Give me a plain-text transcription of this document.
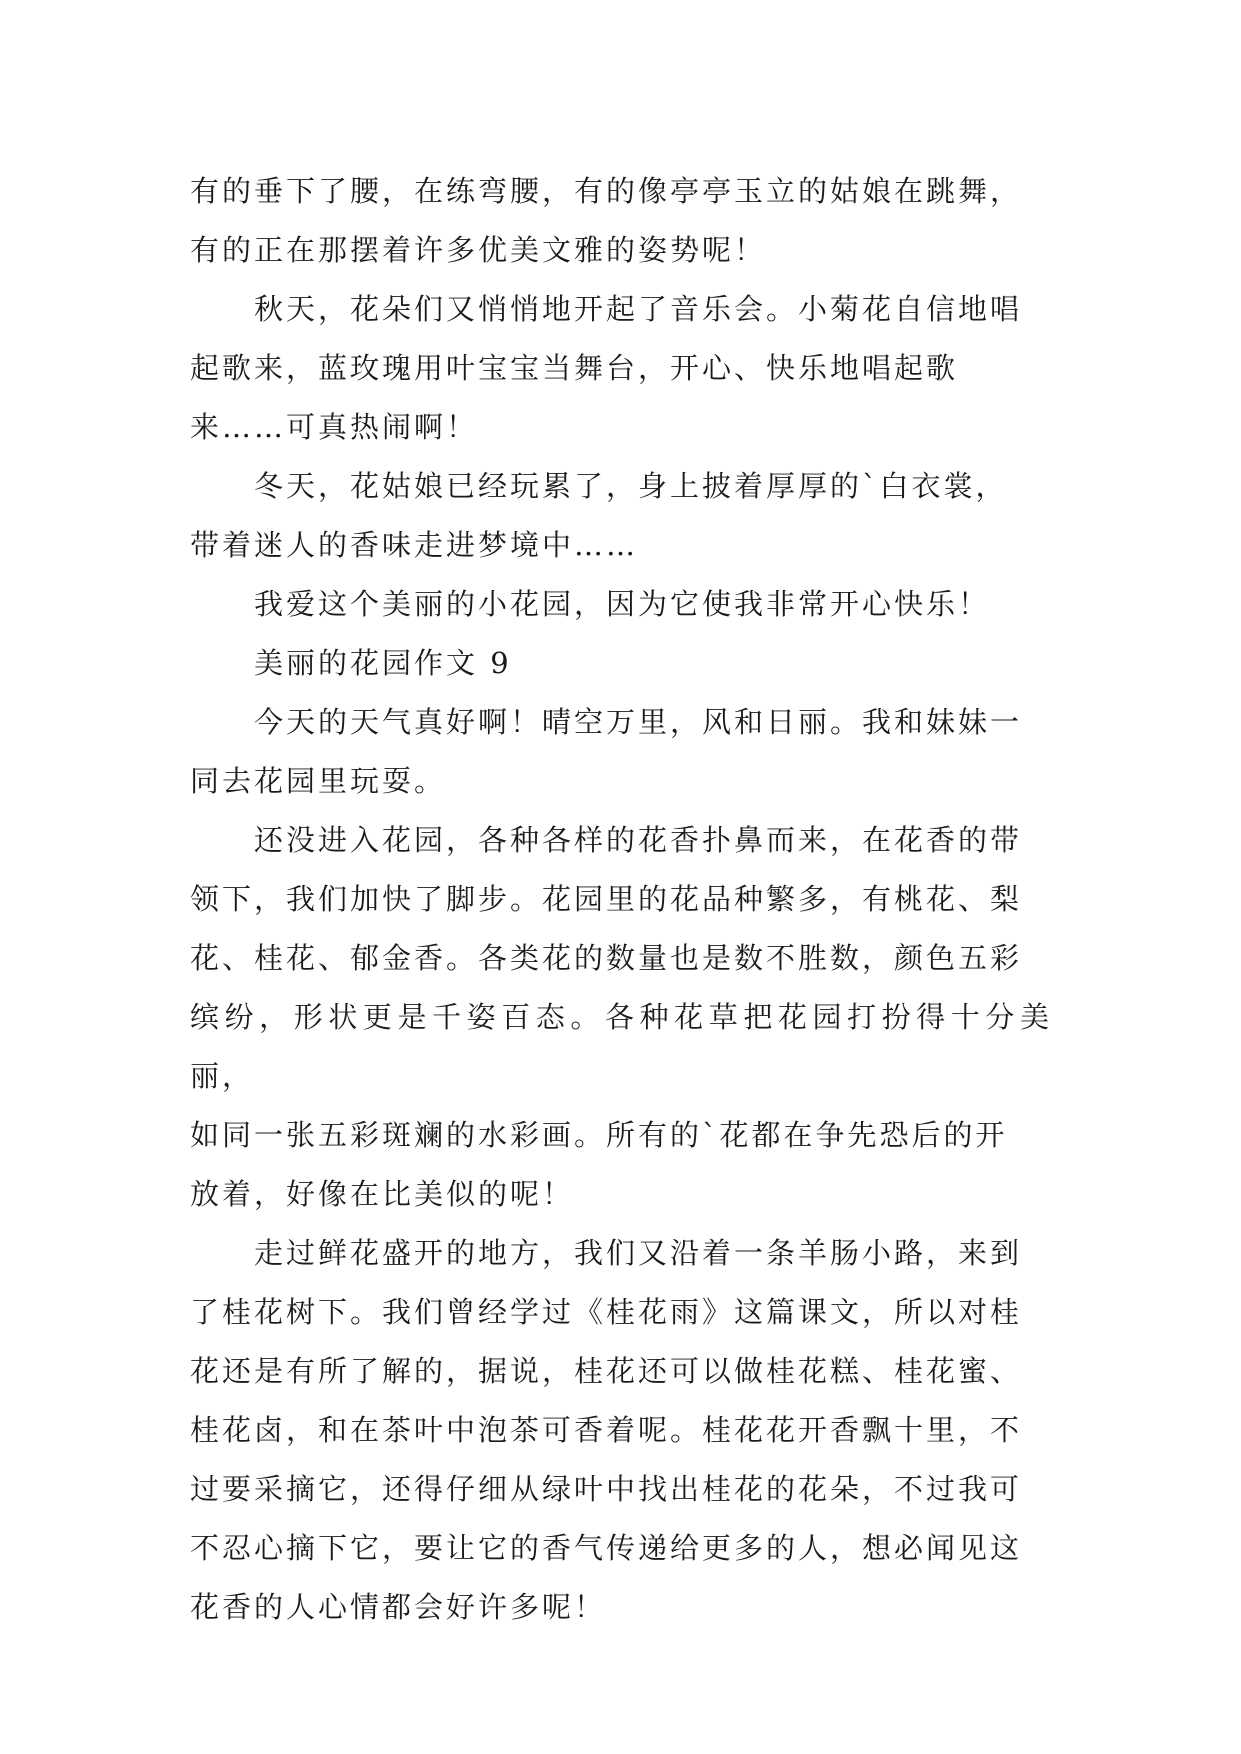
有的垂下了腰，在练弯腰，有的像亭亭玉立的姑娘在跳舞，
有的正在那摆着许多优美文雅的姿势呢！

秋天，花朵们又悄悄地开起了音乐会。小菊花自信地唱
起歌来，蓝玫瑰用叶宝宝当舞台，开心、快乐地唱起歌
来……可真热闹啊！

冬天，花姑娘已经玩累了，身上披着厚厚的`白衣裳，
带着迷人的香味走进梦境中……

我爱这个美丽的小花园，因为它使我非常开心快乐！

美丽的花园作文 9

今天的天气真好啊！晴空万里，风和日丽。我和妹妹一
同去花园里玩耍。

还没进入花园，各种各样的花香扑鼻而来，在花香的带
领下，我们加快了脚步。花园里的花品种繁多，有桃花、梨
花、桂花、郁金香。各类花的数量也是数不胜数，颜色五彩
缤纷，形状更是千姿百态。各种花草把花园打扮得十分美丽，
如同一张五彩斑斓的水彩画。所有的`花都在争先恐后的开
放着，好像在比美似的呢！

走过鲜花盛开的地方，我们又沿着一条羊肠小路，来到
了桂花树下。我们曾经学过《桂花雨》这篇课文，所以对桂
花还是有所了解的，据说，桂花还可以做桂花糕、桂花蜜、
桂花卤，和在茶叶中泡茶可香着呢。桂花花开香飘十里，不
过要采摘它，还得仔细从绿叶中找出桂花的花朵，不过我可
不忍心摘下它，要让它的香气传递给更多的人，想必闻见这
花香的人心情都会好许多呢！
